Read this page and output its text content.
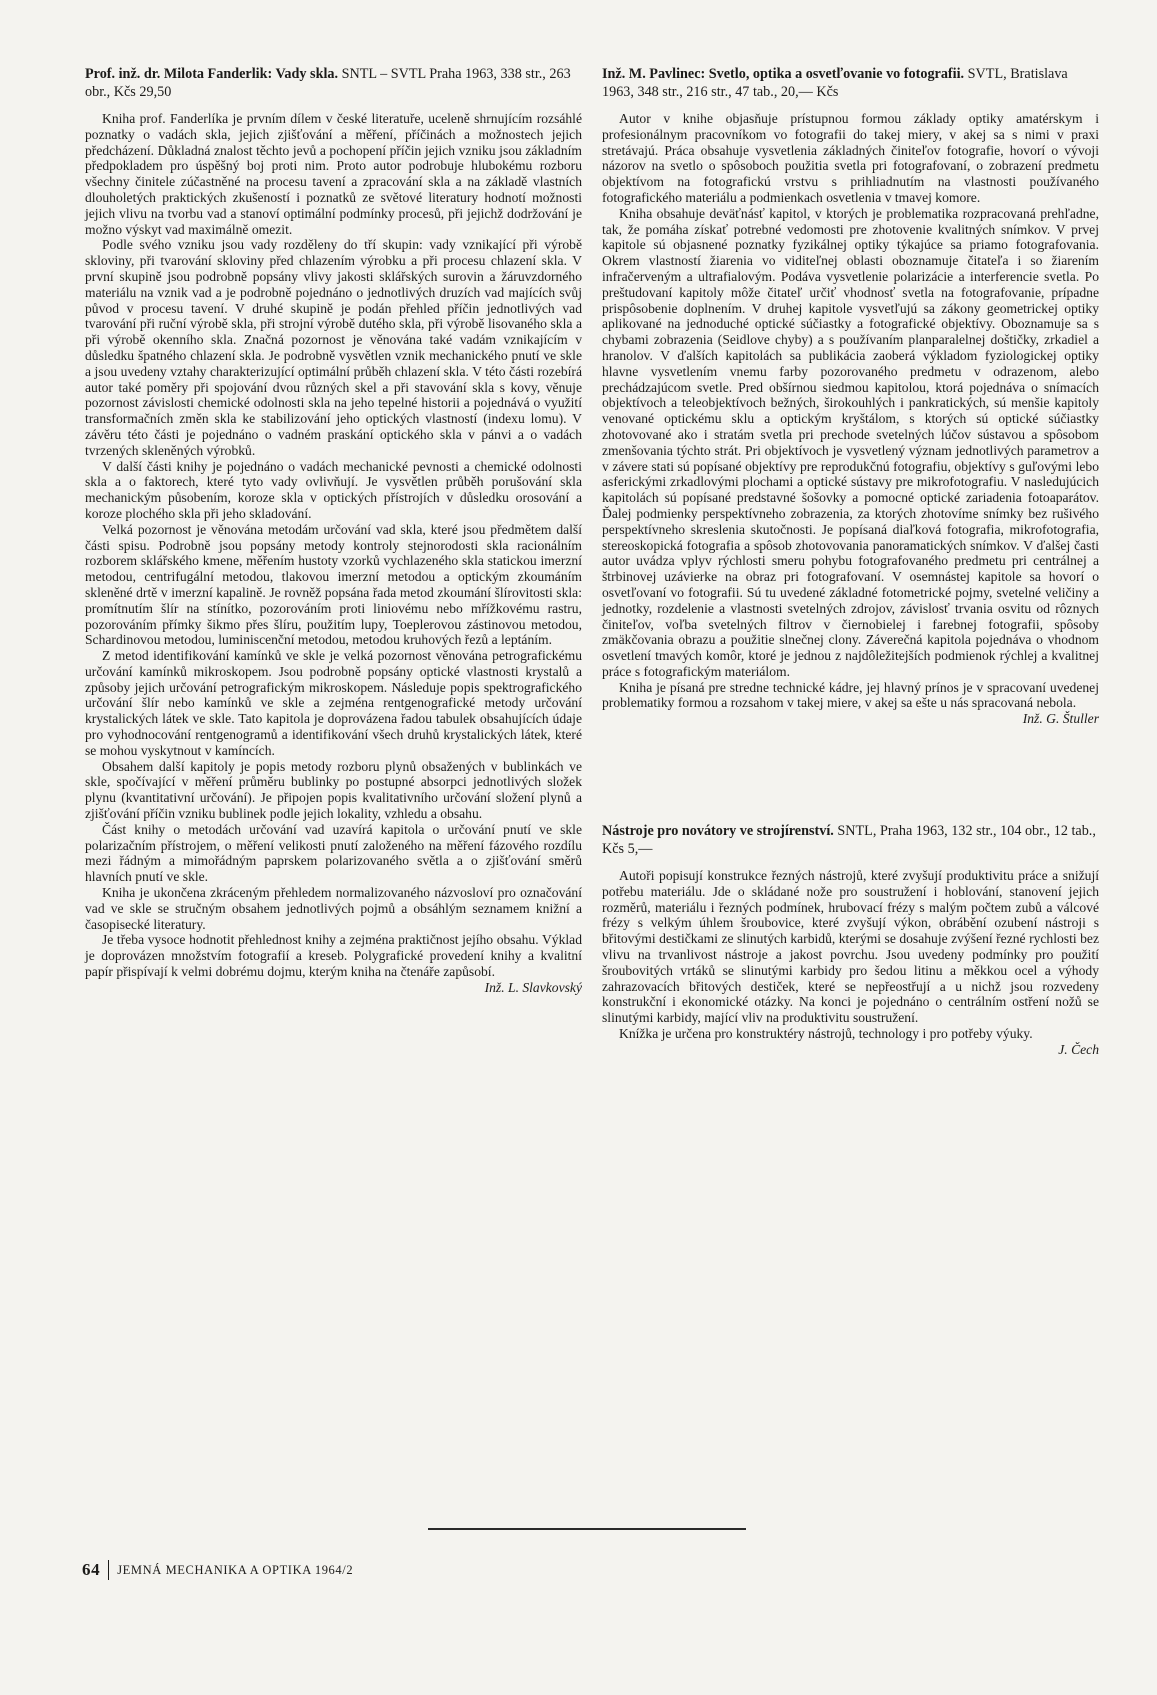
Prof. inž. dr. Milota Fanderlik: Vady skla. SNTL – SVTL Praha 1963, 338 str., 263 obr., Kčs 29,50

Kniha prof. Fanderlíka je prvním dílem v české literatuře, uceleně shrnujícím rozsáhlé poznatky o vadách skla, jejich zjišťování a měření, příčinách a možnostech jejich předcházení. Důkladná znalost těchto jevů a pochopení příčin jejich vzniku jsou základním předpokladem pro úspěšný boj proti nim. Proto autor podrobuje hlubokému rozboru všechny činitele zúčastněné na procesu tavení a zpracování skla a na základě vlastních dlouholetých praktických zkušeností i poznatků ze světové literatury hodnotí možnosti jejich vlivu na tvorbu vad a stanoví optimální podmínky procesů, při jejichž dodržování je možno výskyt vad maximálně omezit.

Podle svého vzniku jsou vady rozděleny do tří skupin: vady vznikající při výrobě skloviny, při tvarování skloviny před chlazením výrobku a při procesu chlazení skla. V první skupině jsou podrobně popsány vlivy jakosti sklářských surovin a žáruvzdorného materiálu na vznik vad a je podrobně pojednáno o jednotlivých druzích vad majících svůj původ v procesu tavení. V druhé skupině je podán přehled příčin jednotlivých vad tvarování při ruční výrobě skla, při strojní výrobě dutého skla, při výrobě lisovaného skla a při výrobě okenního skla. Značná pozornost je věnována také vadám vznikajícím v důsledku špatného chlazení skla. Je podrobně vysvětlen vznik mechanického pnutí ve skle a jsou uvedeny vztahy charakterizující optimální průběh chlazení skla. V této části rozebírá autor také poměry při spojování dvou různých skel a při stavování skla s kovy, věnuje pozornost závislosti chemické odolnosti skla na jeho tepelné historii a pojednává o využití transformačních změn skla ke stabilizování jeho optických vlastností (indexu lomu). V závěru této části je pojednáno o vadném praskání optického skla v pánvi a o vadách tvrzených skleněných výrobků.

V další části knihy je pojednáno o vadách mechanické pevnosti a chemické odolnosti skla a o faktorech, které tyto vady ovlivňují. Je vysvětlen průběh porušování skla mechanickým působením, koroze skla v optických přístrojích v důsledku orosování a koroze plochého skla při jeho skladování.

Velká pozornost je věnována metodám určování vad skla, které jsou předmětem další části spisu. Podrobně jsou popsány metody kontroly stejnorodosti skla racionálním rozborem sklářského kmene, měřením hustoty vzorků vychlazeného skla statickou imerzní metodou, centrifugální metodou, tlakovou imerzní metodou a optickým zkoumáním skleněné drtě v imerzní kapalině. Je rovněž popsána řada metod zkoumání šlírovitosti skla: promítnutím šlír na stínítko, pozorováním proti liniovému nebo mřížkovému rastru, pozorováním přímky šikmo přes šlíru, použitím lupy, Toeplerovou zástinovou metodou, Schardinovou metodou, luminiscenční metodou, metodou kruhových řezů a leptáním.

Z metod identifikování kamínků ve skle je velká pozornost věnována petrografickému určování kamínků mikroskopem. Jsou podrobně popsány optické vlastnosti krystalů a způsoby jejich určování petrografickým mikroskopem. Následuje popis spektrografického určování šlír nebo kamínků ve skle a zejména rentgenografické metody určování krystalických látek ve skle. Tato kapitola je doprovázena řadou tabulek obsahujících údaje pro vyhodnocování rentgenogramů a identifikování všech druhů krystalických látek, které se mohou vyskytnout v kamíncích.

Obsahem další kapitoly je popis metody rozboru plynů obsažených v bublinkách ve skle, spočívající v měření průměru bublinky po postupné absorpci jednotlivých složek plynu (kvantitativní určování). Je připojen popis kvalitativního určování složení plynů a zjišťování příčin vzniku bublinek podle jejich lokality, vzhledu a obsahu.

Část knihy o metodách určování vad uzavírá kapitola o určování pnutí ve skle polarizačním přístrojem, o měření velikosti pnutí založeného na měření fázového rozdílu mezi řádným a mimořádným paprskem polarizovaného světla a o zjišťování směrů hlavních pnutí ve skle.

Kniha je ukončena zkráceným přehledem normalizovaného názvosloví pro označování vad ve skle se stručným obsahem jednotlivých pojmů a obsáhlým seznamem knižní a časopisecké literatury.

Je třeba vysoce hodnotit přehlednost knihy a zejména praktičnost jejího obsahu. Výklad je doprovázen množstvím fotografií a kreseb. Polygrafické provedení knihy a kvalitní papír přispívají k velmi dobrému dojmu, kterým kniha na čtenáře zapůsobí.

Inž. L. Slavkovský
Inž. M. Pavlinec: Svetlo, optika a osvetľovanie vo fotografii. SVTL, Bratislava 1963, 348 str., 216 str., 47 tab., 20,— Kčs

Autor v knihe objasňuje prístupnou formou základy optiky amatérskym i profesionálnym pracovníkom vo fotografii do takej miery, v akej sa s nimi v praxi stretávajú. Práca obsahuje vysvetlenia základných činiteľov fotografie, hovorí o vývoji názorov na svetlo o spôsoboch použitia svetla pri fotografovaní, o zobrazení predmetu objektívom na fotografickú vrstvu s prihliadnutím na vlastnosti používaného fotografického materiálu a podmienkach osvetlenia v tmavej komore.

Kniha obsahuje deväťnásť kapitol, v ktorých je problematika rozpracovaná prehľadne, tak, že pomáha získať potrebné vedomosti pre zhotovenie kvalitných snímkov. V prvej kapitole sú objasnené poznatky fyzikálnej optiky týkajúce sa priamo fotografovania. Okrem vlastností žiarenia vo viditeľnej oblasti oboznamuje čitateľa i so žiarením infračerveným a ultrafialovým. Podáva vysvetlenie polarizácie a interferencie svetla. Po preštudovaní kapitoly môže čitateľ určiť vhodnosť svetla na fotografovanie, prípadne prispôsobenie doplnením. V druhej kapitole vysvetľujú sa zákony geometrickej optiky aplikované na jednoduché optické súčiastky a fotografické objektívy. Oboznamuje sa s chybami zobrazenia (Seidlove chyby) a s používaním planparalelnej doštičky, zrkadiel a hranolov. V ďalších kapitolách sa publikácia zaoberá výkladom fyziologickej optiky hlavne vysvetlením vnemu farby pozorovaného predmetu v odrazenom, alebo prechádzajúcom svetle. Pred obšírnou siedmou kapitolou, ktorá pojednáva o snímacích objektívoch a teleobjektívoch bežných, širokouhlých i pankratických, sú menšie kapitoly venované optickému sklu a optickým kryštálom, s ktorých sú optické súčiastky zhotovované ako i stratám svetla pri prechode svetelných lúčov sústavou a spôsobom zmenšovania týchto strát. Pri objektívoch je vysvetlený význam jednotlivých parametrov a v závere stati sú popísané objektívy pre reprodukčnú fotografiu, objektívy s guľovými lebo asferickými zrkadlovými plochami a optické sústavy pre mikrofotografiu. V nasledujúcich kapitolách sú popísané predstavné šošovky a pomocné optické zariadenia fotoaparátov. Ďalej podmienky perspektívneho zobrazenia, za ktorých zhotovíme snímky bez rušivého perspektívneho skreslenia skutočnosti. Je popísaná diaľková fotografia, mikrofotografia, stereoskopická fotografia a spôsob zhotovovania panoramatických snímkov. V ďalšej časti autor uvádza vplyv rýchlosti smeru pohybu fotografovaného predmetu pri centrálnej a štrbinovej uzávierke na obraz pri fotografovaní. V osemnástej kapitole sa hovorí o osvetľovaní vo fotografii. Sú tu uvedené základné fotometrické pojmy, svetelné veličiny a jednotky, rozdelenie a vlastnosti svetelných zdrojov, závislosť trvania osvitu od rôznych činiteľov, voľba svetelných filtrov v čiernobielej i farebnej fotografii, spôsoby zmäkčovania obrazu a použitie slnečnej clony. Záverečná kapitola pojednáva o vhodnom osvetlení tmavých komôr, ktoré je jednou z najdôležitejších podmienok rýchlej a kvalitnej práce s fotografickým materiálom.

Kniha je písaná pre stredne technické kádre, jej hlavný prínos je v spracovaní uvedenej problematiky formou a rozsahom v takej miere, v akej sa ešte u nás spracovaná nebola.

Inž. G. Štuller
Nástroje pro novátory ve strojírenství. SNTL, Praha 1963, 132 str., 104 obr., 12 tab., Kčs 5,—

Autoři popisují konstrukce řezných nástrojů, které zvyšují produktivitu práce a snižují potřebu materiálu. Jde o skládané nože pro soustružení i hoblování, stanovení jejich rozměrů, materiálu i řezných podmínek, hrubovací frézy s malým počtem zubů a válcové frézy s velkým úhlem šroubovice, které zvyšují výkon, obrábění ozubení nástroji s břitovými destičkami ze slinutých karbidů, kterými se dosahuje zvýšení řezné rychlosti bez vlivu na trvanlivost nástroje a jakost povrchu. Jsou uvedeny podmínky pro použití šroubovitých vrtáků se slinutými karbidy pro šedou litinu a měkkou ocel a výhody zahrazovacích břitových destiček, které se nepřeostřují a u nichž jsou rozvedeny konstrukční i ekonomické otázky. Na konci je pojednáno o centrálním ostření nožů se slinutými karbidy, mající vliv na produktivitu soustružení.

Knížka je určena pro konstruktéry nástrojů, technology i pro potřeby výuky.

J. Čech
64 JEMNÁ MECHANIKA A OPTIKA 1964/2
